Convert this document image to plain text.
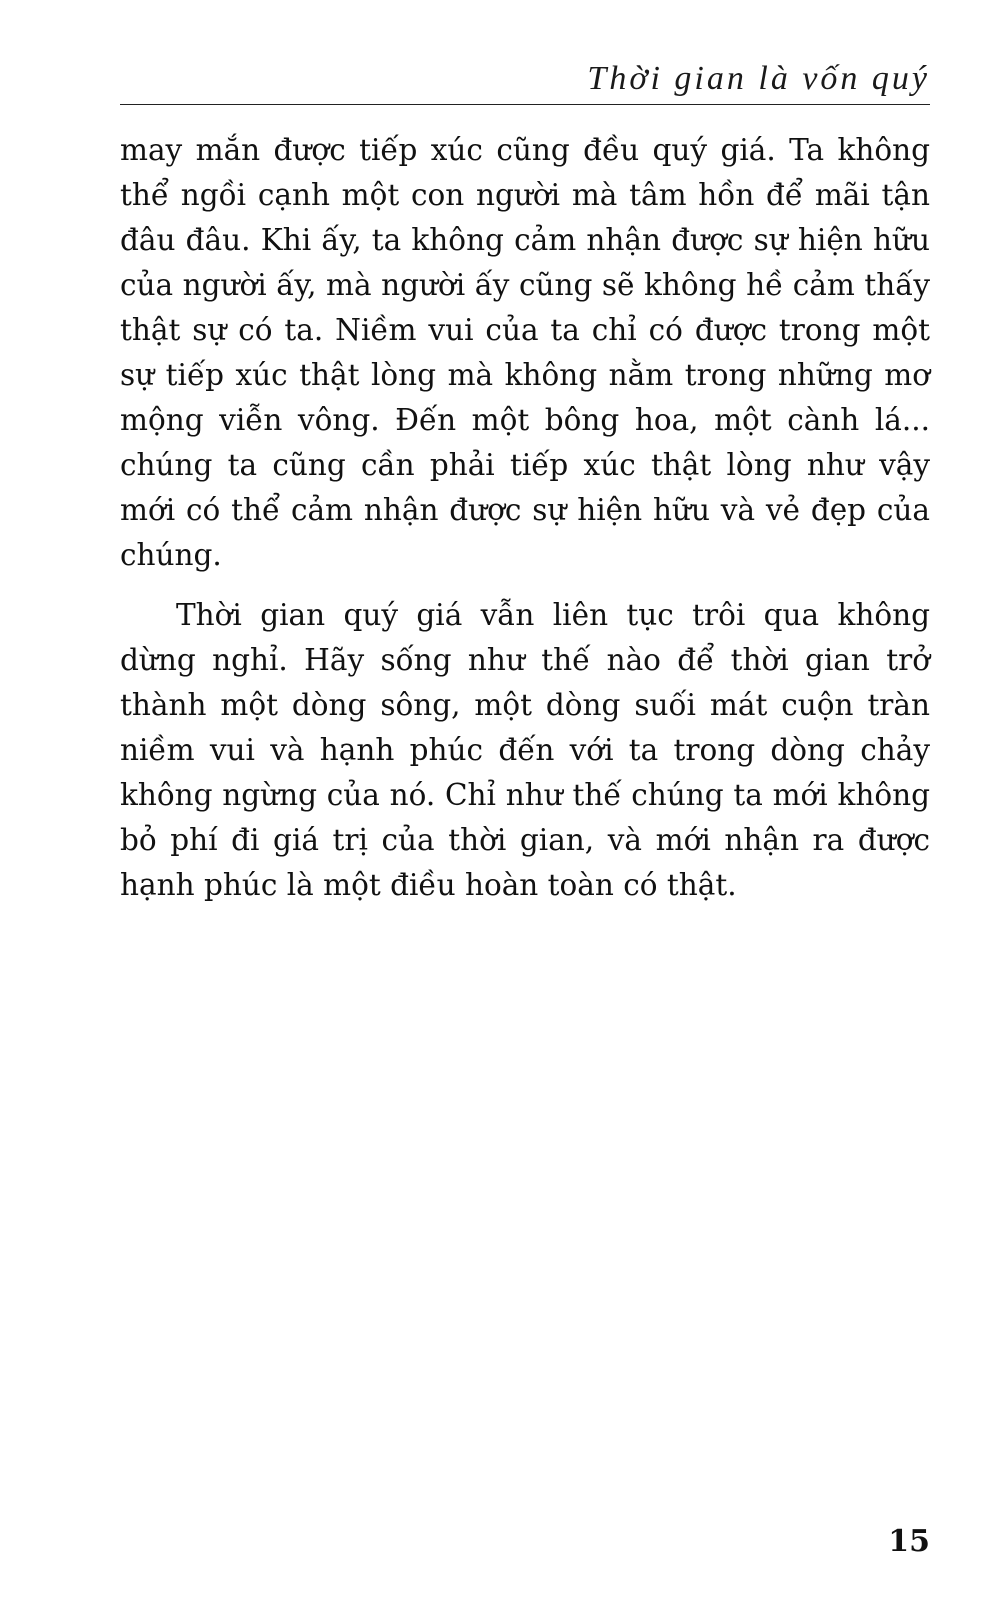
Thời gian là vốn quý

may mắn được tiếp xúc cũng đều quý giá. Ta không thể ngồi cạnh một con người mà tâm hồn để mãi tận đâu đâu. Khi ấy, ta không cảm nhận được sự hiện hữu của người ấy, mà người ấy cũng sẽ không hề cảm thấy thật sự có ta. Niềm vui của ta chỉ có được trong một sự tiếp xúc thật lòng mà không nằm trong những mơ mộng viễn vông. Đến một bông hoa, một cành lá... chúng ta cũng cần phải tiếp xúc thật lòng như vậy mới có thể cảm nhận được sự hiện hữu và vẻ đẹp của chúng.

Thời gian quý giá vẫn liên tục trôi qua không dừng nghỉ. Hãy sống như thế nào để thời gian trở thành một dòng sông, một dòng suối mát cuộn tràn niềm vui và hạnh phúc đến với ta trong dòng chảy không ngừng của nó. Chỉ như thế chúng ta mới không bỏ phí đi giá trị của thời gian, và mới nhận ra được hạnh phúc là một điều hoàn toàn có thật.

15
